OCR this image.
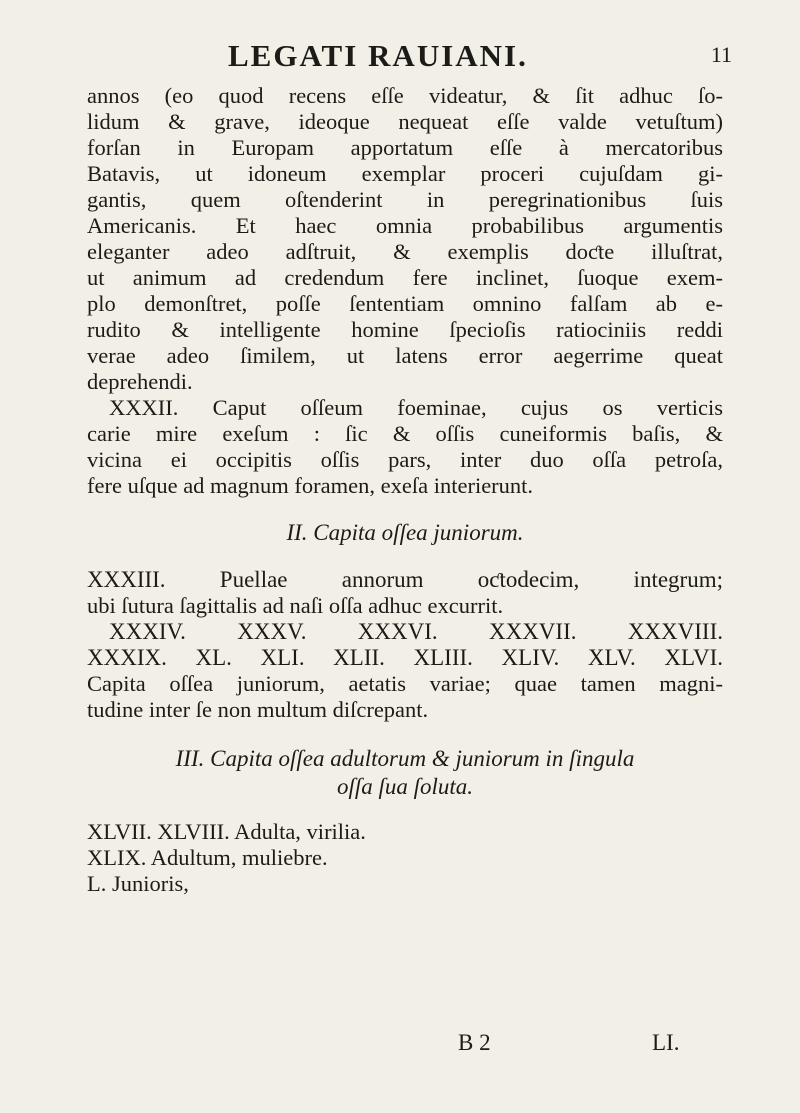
LEGATI RAUIANI.	11
annos (eo quod recens eſſe videatur, & ſit adhuc ſo-
lidum & grave, ideoque nequeat eſſe valde vetuſtum)
forſan in Europam apportatum eſſe à mercatoribus
Batavis, ut idoneum exemplar proceri cujuſdam gi-
gantis, quem oſtenderint in peregrinationibus ſuis
Americanis. Et haec omnia probabilibus argumentis
eleganter adeo adſtruit, & exemplis doƈte illuſtrat,
ut animum ad credendum fere inclinet, ſuoque exem-
plo demonſtret, poſſe ſententiam omnino falſam ab e-
rudito & intelligente homine ſpecioſis ratiociniis reddi
verae adeo ſimilem, ut latens error aegerrime queat
deprehendi.
XXXII. Caput oſſeum foeminae, cujus os verticis
carie mire exeſum : ſic & oſſis cuneiformis baſis, &
vicina ei occipitis oſſis pars, inter duo oſſa petroſa,
fere uſque ad magnum foramen, exeſa interierunt.
II. Capita oſſea juniorum.
XXXIII. Puellae annorum oƈtodecim, integrum;
ubi ſutura ſagittalis ad naſi oſſa adhuc excurrit.
XXXIV. XXXV. XXXVI. XXXVII. XXXVIII.
XXXIX. XL. XLI. XLII. XLIII. XLIV. XLV. XLVI.
Capita oſſea juniorum, aetatis variae; quae tamen magni-
tudine inter ſe non multum diſcrepant.
III. Capita oſſea adultorum & juniorum in ſingula
oſſa ſua ſoluta.
XLVII. XLVIII. Adulta, virilia.
XLIX. Adultum, muliebre.
L. Junioris,
B 2	LI.
